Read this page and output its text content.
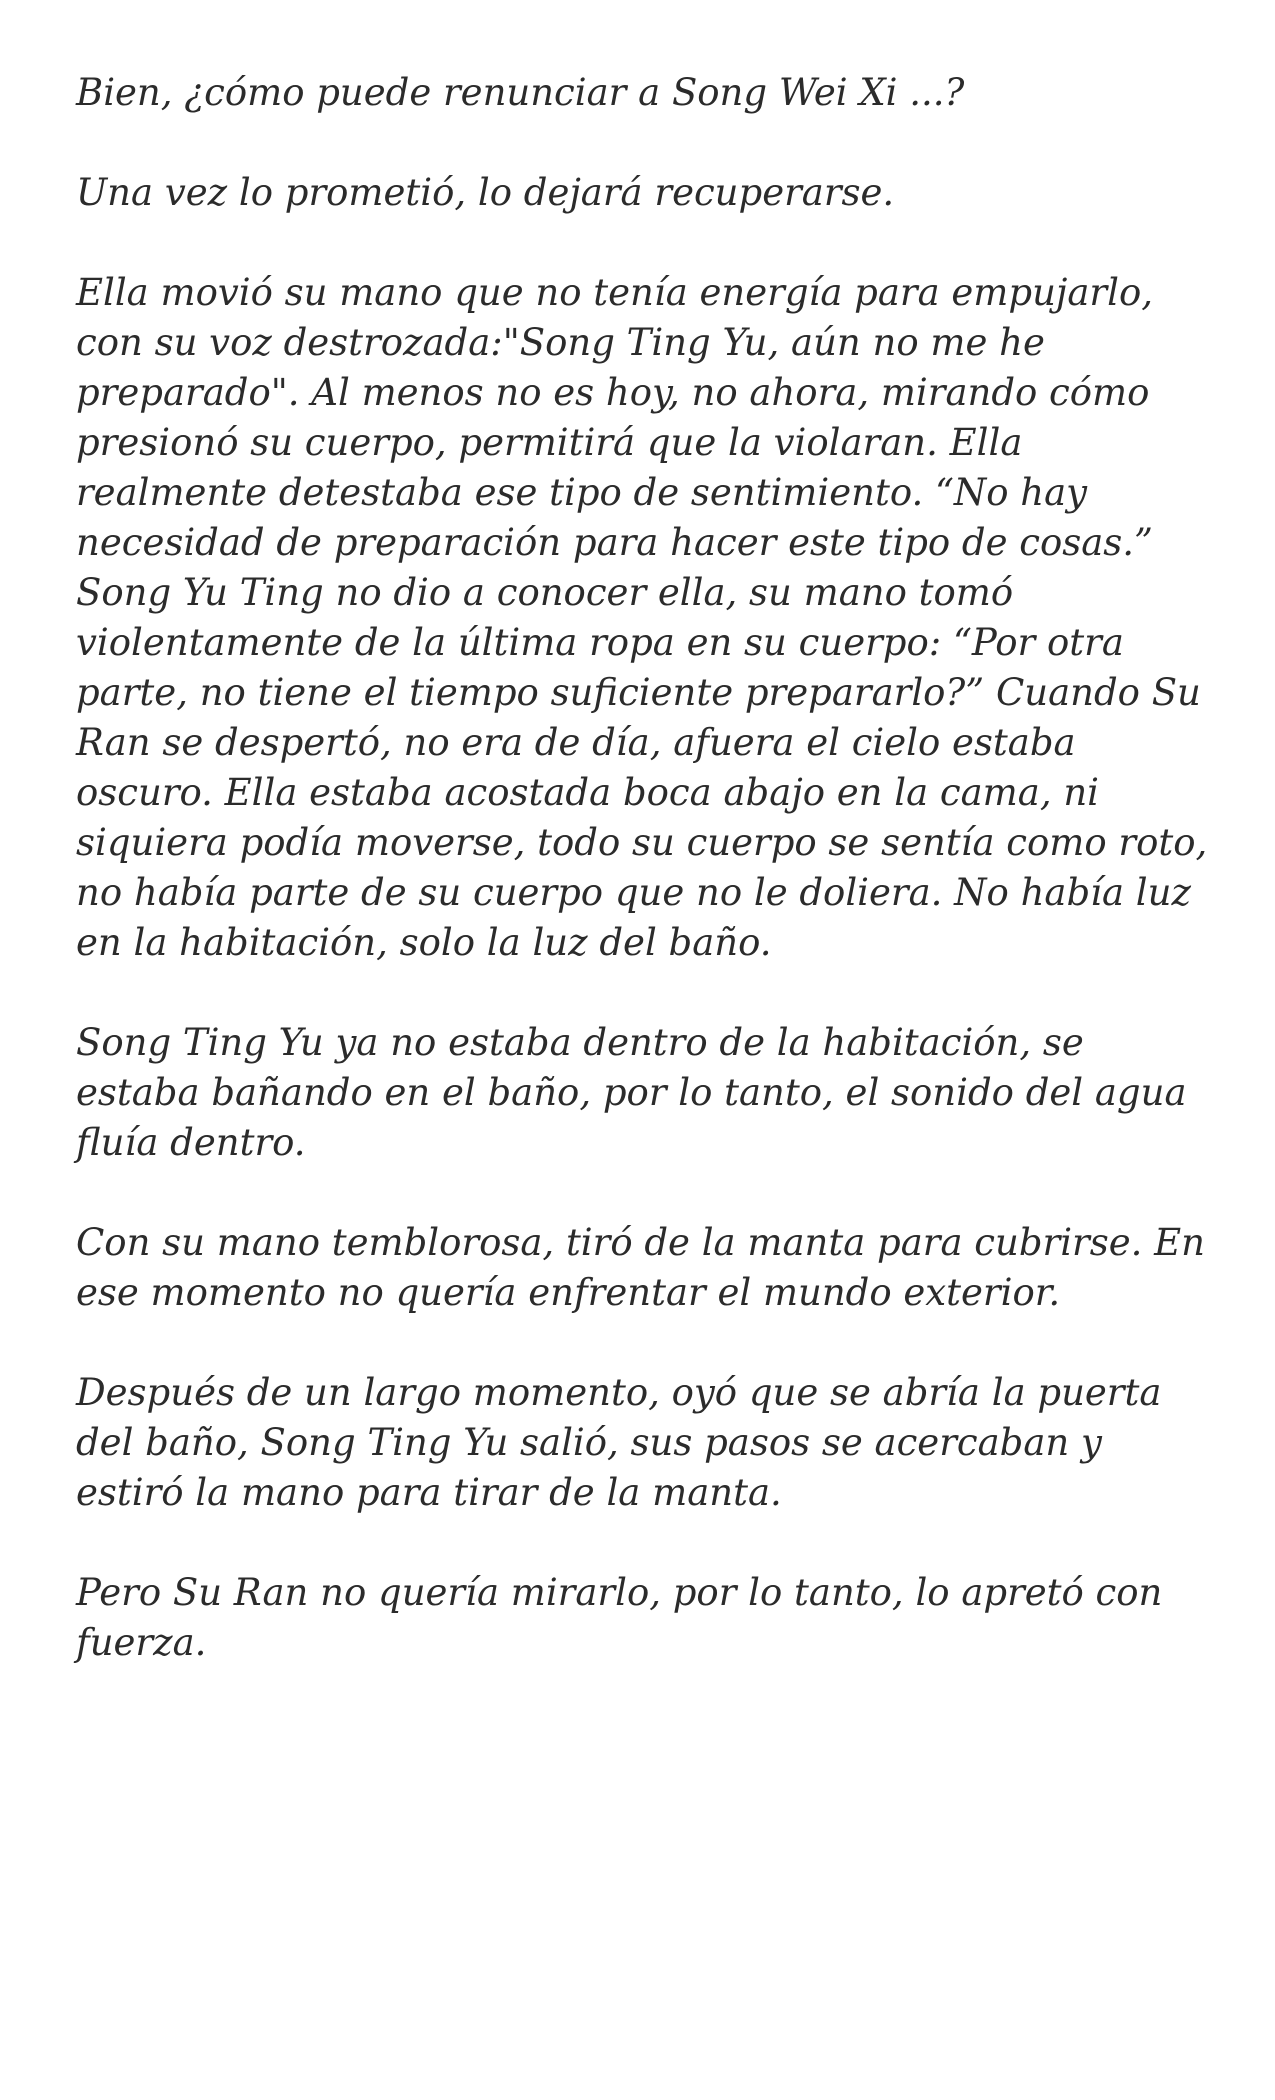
Bien, ¿cómo puede renunciar a Song Wei Xi ...?

Una vez lo prometió, lo dejará recuperarse.

Ella movió su mano que no tenía energía para empujarlo, con su voz destrozada:"Song Ting Yu, aún no me he preparado". Al menos no es hoy, no ahora, mirando cómo presionó su cuerpo, permitirá que la violaran. Ella realmente detestaba ese tipo de sentimiento. “No hay necesidad de preparación para hacer este tipo de cosas.” Song Yu Ting no dio a conocer ella, su mano tomó violentamente de la última ropa en su cuerpo: “Por otra parte, no tiene el tiempo suficiente prepararlo?” Cuando Su Ran se despertó, no era de día, afuera el cielo estaba oscuro. Ella estaba acostada boca abajo en la cama, ni siquiera podía moverse, todo su cuerpo se sentía como roto, no había parte de su cuerpo que no le doliera. No había luz en la habitación, solo la luz del baño.

Song Ting Yu ya no estaba dentro de la habitación, se estaba bañando en el baño, por lo tanto, el sonido del agua fluía dentro.

Con su mano temblorosa, tiró de la manta para cubrirse. En ese momento no quería enfrentar el mundo exterior.

Después de un largo momento, oyó que se abría la puerta del baño, Song Ting Yu salió, sus pasos se acercaban y estiró la mano para tirar de la manta.

Pero Su Ran no quería mirarlo, por lo tanto, lo apretó con fuerza.
